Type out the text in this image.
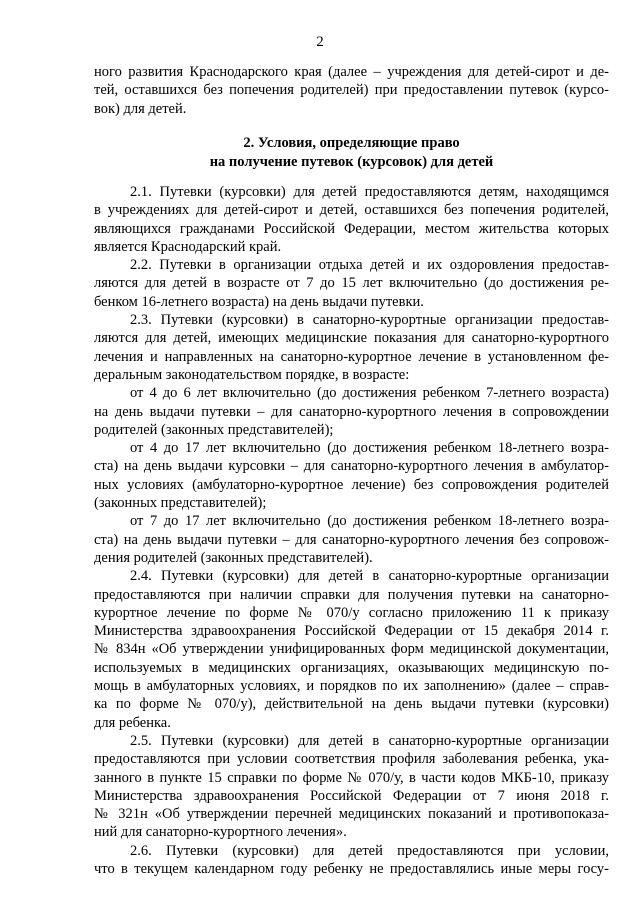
2
ного развития Краснодарского края (далее – учреждения для детей-сирот и де-
тей, оставшихся без попечения родителей) при предоставлении путевок (курсо-
вок) для детей.
2. Условия, определяющие право
на получение путевок (курсовок) для детей
2.1. Путевки (курсовки) для детей предоставляются детям, находящимся
в учреждениях для детей-сирот и детей, оставшихся без попечения родителей,
являющихся гражданами Российской Федерации, местом жительства которых
является Краснодарский край.
2.2. Путевки в организации отдыха детей и их оздоровления предостав-
ляются для детей в возрасте от 7 до 15 лет включительно (до достижения ре-
бенком 16-летнего возраста) на день выдачи путевки.
2.3. Путевки (курсовки) в санаторно-курортные организации предостав-
ляются для детей, имеющих медицинские показания для санаторно-курортного
лечения и направленных на санаторно-курортное лечение в установленном фе-
деральным законодательством порядке, в возрасте:
от 4 до 6 лет включительно (до достижения ребенком 7-летнего возраста)
на день выдачи путевки – для санаторно-курортного лечения в сопровождении
родителей (законных представителей);
от 4 до 17 лет включительно (до достижения ребенком 18-летнего возра-
ста) на день выдачи курсовки – для санаторно-курортного лечения в амбулатор-
ных условиях (амбулаторно-курортное лечение) без сопровождения родителей
(законных представителей);
от 7 до 17 лет включительно (до достижения ребенком 18-летнего возра-
ста) на день выдачи путевки – для санаторно-курортного лечения без сопровож-
дения родителей (законных представителей).
2.4. Путевки (курсовки) для детей в санаторно-курортные организации
предоставляются при наличии справки для получения путевки на санаторно-
курортное лечение по форме № 070/у согласно приложению 11 к приказу
Министерства здравоохранения Российской Федерации от 15 декабря 2014 г.
№ 834н «Об утверждении унифицированных форм медицинской документации,
используемых в медицинских организациях, оказывающих медицинскую по-
мощь в амбулаторных условиях, и порядков по их заполнению» (далее – справ-
ка по форме № 070/у), действительной на день выдачи путевки (курсовки)
для ребенка.
2.5. Путевки (курсовки) для детей в санаторно-курортные организации
предоставляются при условии соответствия профиля заболевания ребенка, ука-
занного в пункте 15 справки по форме № 070/у, в части кодов МКБ-10, приказу
Министерства здравоохранения Российской Федерации от 7 июня 2018 г.
№ 321н «Об утверждении перечней медицинских показаний и противопоказа-
ний для санаторно-курортного лечения».
2.6. Путевки (курсовки) для детей предоставляются при условии,
что в текущем календарном году ребенку не предоставлялись иные меры госу-
